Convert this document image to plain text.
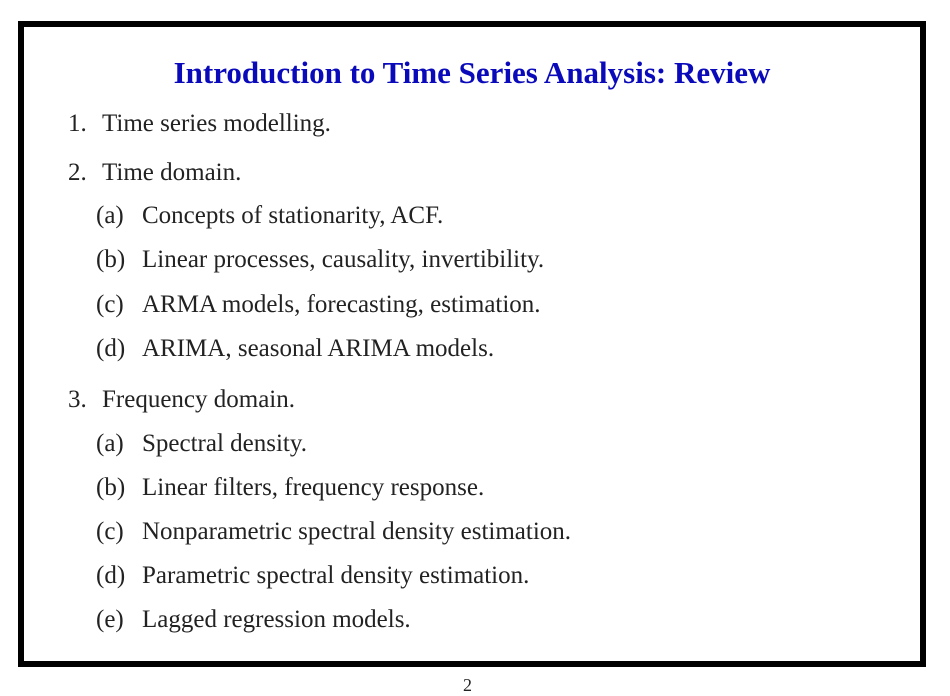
Introduction to Time Series Analysis: Review
1. Time series modelling.
2. Time domain.
(a) Concepts of stationarity, ACF.
(b) Linear processes, causality, invertibility.
(c) ARMA models, forecasting, estimation.
(d) ARIMA, seasonal ARIMA models.
3. Frequency domain.
(a) Spectral density.
(b) Linear filters, frequency response.
(c) Nonparametric spectral density estimation.
(d) Parametric spectral density estimation.
(e) Lagged regression models.
2
